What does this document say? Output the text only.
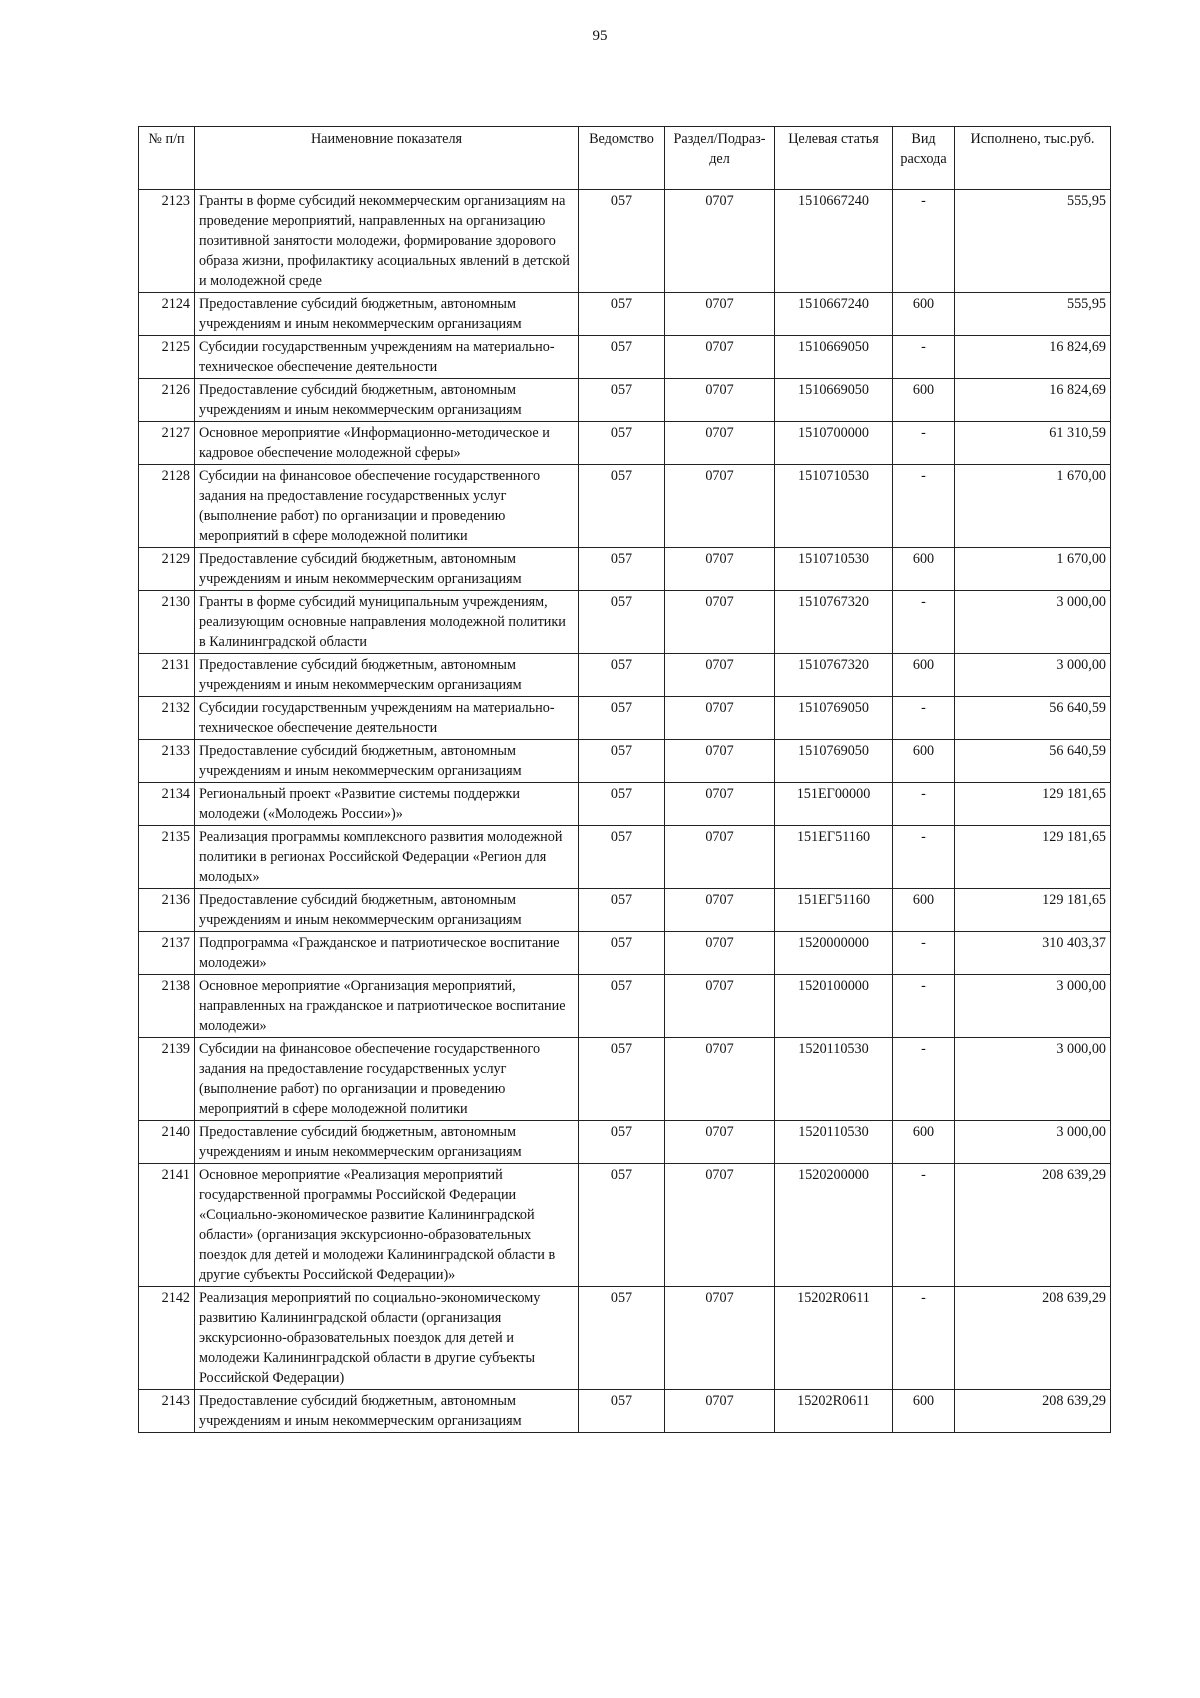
95
№ п/п	Наименовние показателя	Ведомство	Раздел/Подраз-дел	Целевая статья	Вид расхода	Исполнено, тыс.руб.
2123	Гранты в форме субсидий некоммерческим организациям на проведение мероприятий, направленных на организацию позитивной занятости молодежи, формирование здорового образа жизни, профилактику асоциальных явлений в детской и молодежной среде	057	0707	1510667240	-	555,95
2124	Предоставление субсидий бюджетным, автономным учреждениям и иным некоммерческим организациям	057	0707	1510667240	600	555,95
2125	Субсидии государственным учреждениям на материально-техническое обеспечение деятельности	057	0707	1510669050	-	16 824,69
2126	Предоставление субсидий бюджетным, автономным учреждениям и иным некоммерческим организациям	057	0707	1510669050	600	16 824,69
2127	Основное мероприятие «Информационно-методическое и кадровое обеспечение молодежной сферы»	057	0707	1510700000	-	61 310,59
2128	Субсидии на финансовое обеспечение государственного задания на предоставление государственных услуг (выполнение работ) по организации и проведению мероприятий в сфере молодежной политики	057	0707	1510710530	-	1 670,00
2129	Предоставление субсидий бюджетным, автономным учреждениям и иным некоммерческим организациям	057	0707	1510710530	600	1 670,00
2130	Гранты в форме субсидий муниципальным учреждениям, реализующим основные направления молодежной политики в Калининградской области	057	0707	1510767320	-	3 000,00
2131	Предоставление субсидий бюджетным, автономным учреждениям и иным некоммерческим организациям	057	0707	1510767320	600	3 000,00
2132	Субсидии государственным учреждениям на материально-техническое обеспечение деятельности	057	0707	1510769050	-	56 640,59
2133	Предоставление субсидий бюджетным, автономным учреждениям и иным некоммерческим организациям	057	0707	1510769050	600	56 640,59
2134	Региональный проект «Развитие системы поддержки молодежи («Молодежь России»)»	057	0707	151ЕГ00000	-	129 181,65
2135	Реализация программы комплексного развития молодежной политики в регионах Российской Федерации «Регион для молодых»	057	0707	151ЕГ51160	-	129 181,65
2136	Предоставление субсидий бюджетным, автономным учреждениям и иным некоммерческим организациям	057	0707	151ЕГ51160	600	129 181,65
2137	Подпрограмма «Гражданское и патриотическое воспитание молодежи»	057	0707	1520000000	-	310 403,37
2138	Основное мероприятие «Организация мероприятий, направленных на гражданское и патриотическое воспитание молодежи»	057	0707	1520100000	-	3 000,00
2139	Субсидии на финансовое обеспечение государственного задания на предоставление государственных услуг (выполнение работ) по организации и проведению мероприятий в сфере молодежной политики	057	0707	1520110530	-	3 000,00
2140	Предоставление субсидий бюджетным, автономным учреждениям и иным некоммерческим организациям	057	0707	1520110530	600	3 000,00
2141	Основное мероприятие «Реализация мероприятий государственной программы Российской Федерации «Социально-экономическое развитие Калининградской области» (организация экскурсионно-образовательных поездок для детей и молодежи Калининградской области в другие субъекты Российской Федерации)»	057	0707	1520200000	-	208 639,29
2142	Реализация мероприятий по социально-экономическому развитию Калининградской области (организация экскурсионно-образовательных поездок для детей и молодежи Калининградской области в другие субъекты Российской Федерации)	057	0707	15202R0611	-	208 639,29
2143	Предоставление субсидий бюджетным, автономным учреждениям и иным некоммерческим организациям	057	0707	15202R0611	600	208 639,29
